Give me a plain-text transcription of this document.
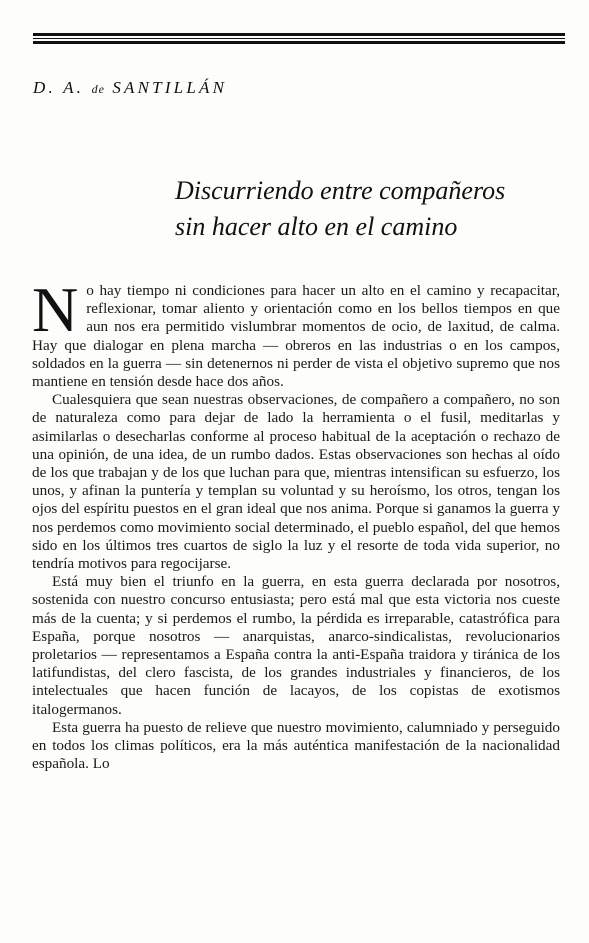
D. A. de SANTILLÁN
Discurriendo entre compañeros
sin hacer alto en el camino

N o hay tiempo ni condiciones para hacer un alto en el camino y recapacitar, reflexionar, tomar aliento y orientación como en los bellos tiempos en que aun nos era permitido vislumbrar momentos de ocio, de laxitud, de calma. Hay que dialogar en plena marcha — obreros en las industrias o en los campos, soldados en la guerra — sin detenernos ni perder de vista el objetivo supremo que nos mantiene en tensión desde hace dos años.

Cualesquiera que sean nuestras observaciones, de compañero a compañero, no son de naturaleza como para dejar de lado la herramienta o el fusil, meditarlas y asimilarlas o desecharlas conforme al proceso habitual de la aceptación o rechazo de una opinión, de una idea, de un rumbo dados. Estas observaciones son hechas al oído de los que trabajan y de los que luchan para que, mientras intensifican su esfuerzo, los unos, y afinan la puntería y templan su voluntad y su heroísmo, los otros, tengan los ojos del espíritu puestos en el gran ideal que nos anima. Porque si ganamos la guerra y nos perdemos como movimiento social determinado, el pueblo español, del que hemos sido en los últimos tres cuartos de siglo la luz y el resorte de toda vida superior, no tendría motivos para regocijarse.

Está muy bien el triunfo en la guerra, en esta guerra declarada por nosotros, sostenida con nuestro concurso entusiasta; pero está mal que esta victoria nos cueste más de la cuenta; y si perdemos el rumbo, la pérdida es irreparable, catastrófica para España, porque nosotros — anarquistas, anarco-sindicalistas, revolucionarios proletarios — representamos a España contra la anti-España traidora y tiránica de los latifundistas, del clero fascista, de los grandes industriales y financieros, de los intelectuales que hacen función de lacayos, de los copistas de exotismos italogermanos.

Esta guerra ha puesto de relieve que nuestro movimiento, calumniado y perseguido en todos los climas políticos, era la más auténtica manifestación de la nacionalidad española. Lo
